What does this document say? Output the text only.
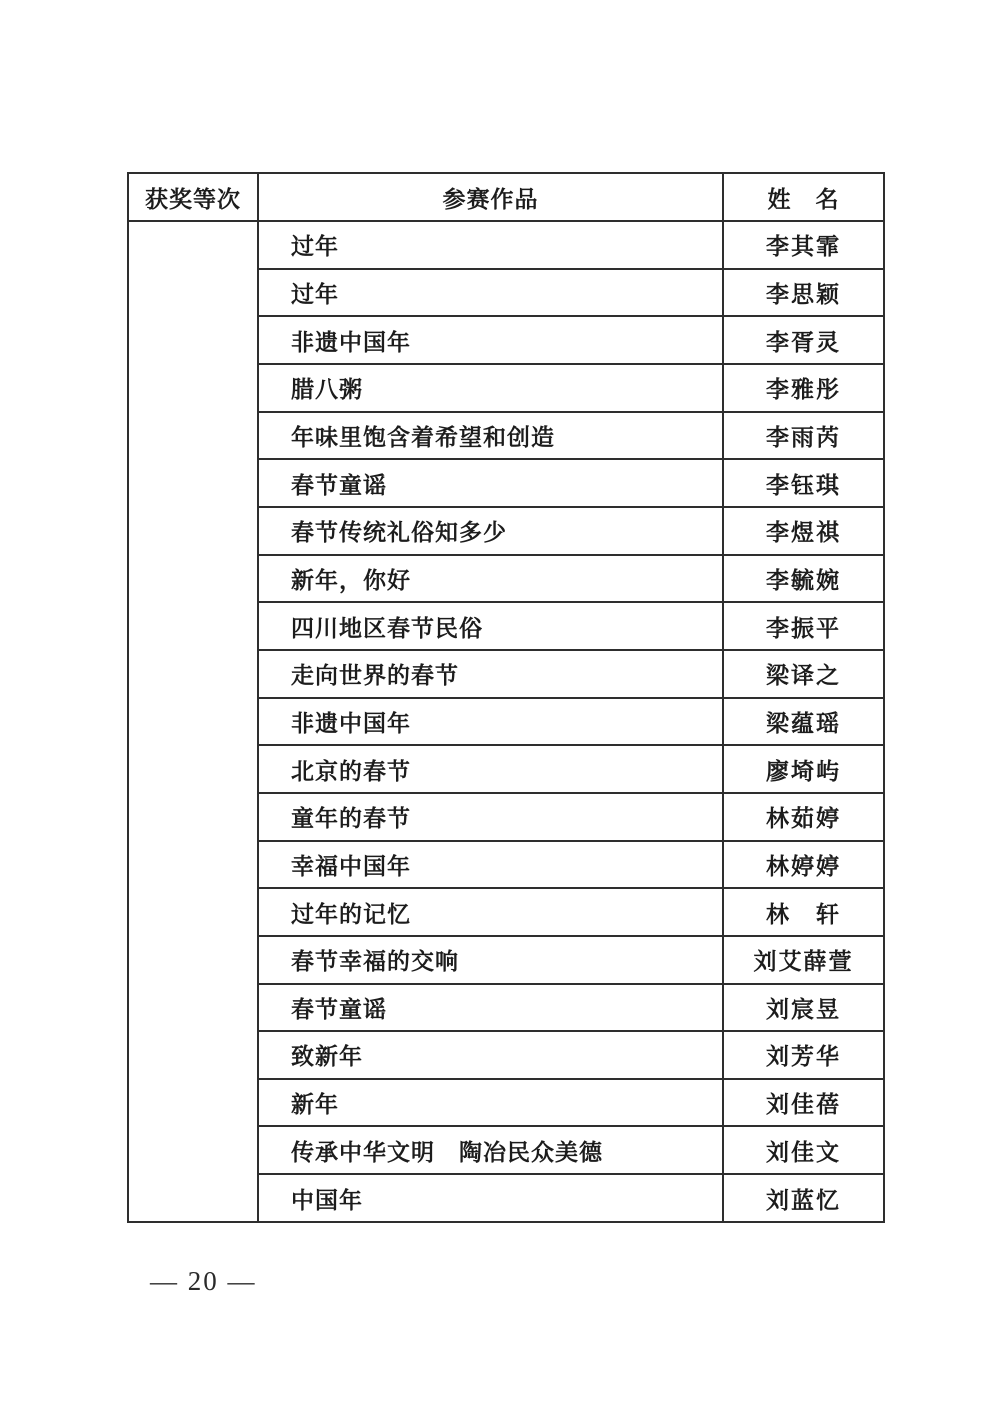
获奖等次	参赛作品	姓　名
	过年	李其霏
	过年	李思颖
	非遗中国年	李胥灵
	腊八粥	李雅彤
	年味里饱含着希望和创造	李雨芮
	春节童谣	李钰琪
	春节传统礼俗知多少	李煜祺
	新年，你好	李毓婉
	四川地区春节民俗	李振平
	走向世界的春节	梁译之
	非遗中国年	梁蕴瑶
	北京的春节	廖埼屿
	童年的春节	林茹婷
	幸福中国年	林婷婷
	过年的记忆	林　轩
	春节幸福的交响	刘艾薛萱
	春节童谣	刘宸昱
	致新年	刘芳华
	新年	刘佳蓓
	传承中华文明　陶冶民众美德	刘佳文
	中国年	刘蓝忆
— 20 —
